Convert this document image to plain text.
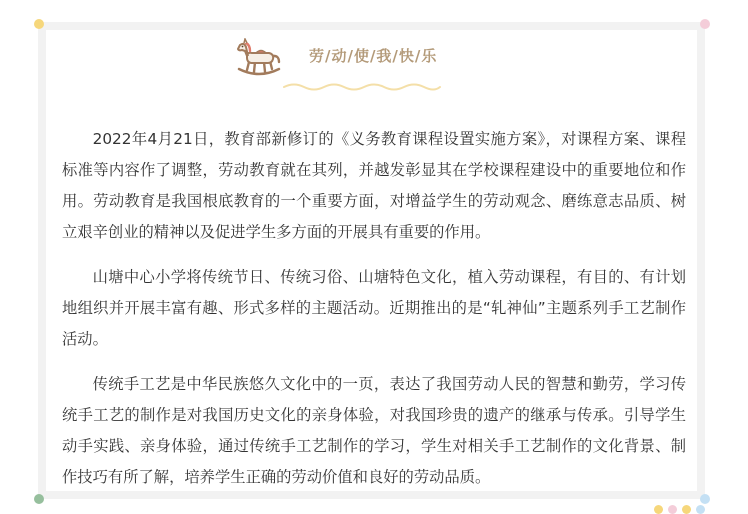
劳/动/使/我/快/乐

2022年4月21日，教育部新修订的《义务教育课程设置实施方案》，对课程方案、课程标准等内容作了调整，劳动教育就在其列，并越发彰显其在学校课程建设中的重要地位和作用。劳动教育是我国根底教育的一个重要方面，对增益学生的劳动观念、磨练意志品质、树立艰辛创业的精神以及促进学生多方面的开展具有重要的作用。

山塘中心小学将传统节日、传统习俗、山塘特色文化，植入劳动课程，有目的、有计划地组织并开展丰富有趣、形式多样的主题活动。近期推出的是“轧神仙”主题系列手工艺制作活动。

传统手工艺是中华民族悠久文化中的一页，表达了我国劳动人民的智慧和勤劳，学习传统手工艺的制作是对我国历史文化的亲身体验，对我国珍贵的遗产的继承与传承。引导学生动手实践、亲身体验，通过传统手工艺制作的学习，学生对相关手工艺制作的文化背景、制作技巧有所了解，培养学生正确的劳动价值和良好的劳动品质。
